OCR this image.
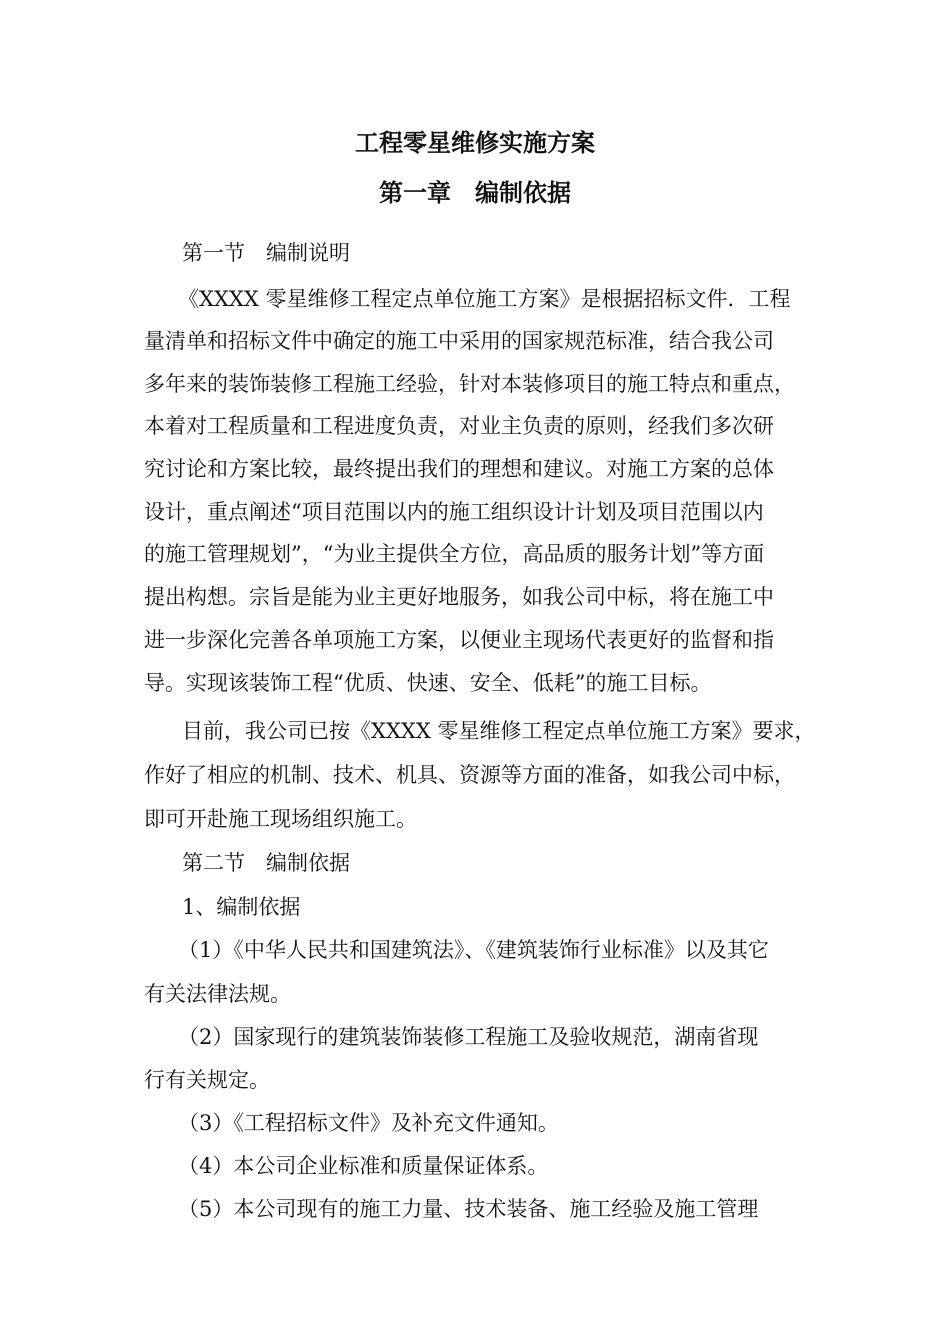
工程零星维修实施方案
第一章　编制依据

第一节　编制说明

《XXXX 零星维修工程定点单位施工方案》是根据招标文件．工程

量清单和招标文件中确定的施工中采用的国家规范标准，结合我公司

多年来的装饰装修工程施工经验，针对本装修项目的施工特点和重点，

本着对工程质量和工程进度负责，对业主负责的原则，经我们多次研

究讨论和方案比较，最终提出我们的理想和建议。对施工方案的总体

设计，重点阐述“项目范围以内的施工组织设计计划及项目范围以内

的施工管理规划”，“为业主提供全方位，高品质的服务计划”等方面

提出构想。宗旨是能为业主更好地服务，如我公司中标，将在施工中

进一步深化完善各单项施工方案，以便业主现场代表更好的监督和指

导。实现该装饰工程“优质、快速、安全、低耗”的施工目标。

目前，我公司已按《XXXX 零星维修工程定点单位施工方案》要求，

作好了相应的机制、技术、机具、资源等方面的准备，如我公司中标，

即可开赴施工现场组织施工。

第二节　编制依据

1、编制依据

（1）《中华人民共和国建筑法》、《建筑装饰行业标准》以及其它

有关法律法规。

（2）国家现行的建筑装饰装修工程施工及验收规范，湖南省现

行有关规定。

（3）《工程招标文件》及补充文件通知。

（4）本公司企业标准和质量保证体系。

（5）本公司现有的施工力量、技术装备、施工经验及施工管理
